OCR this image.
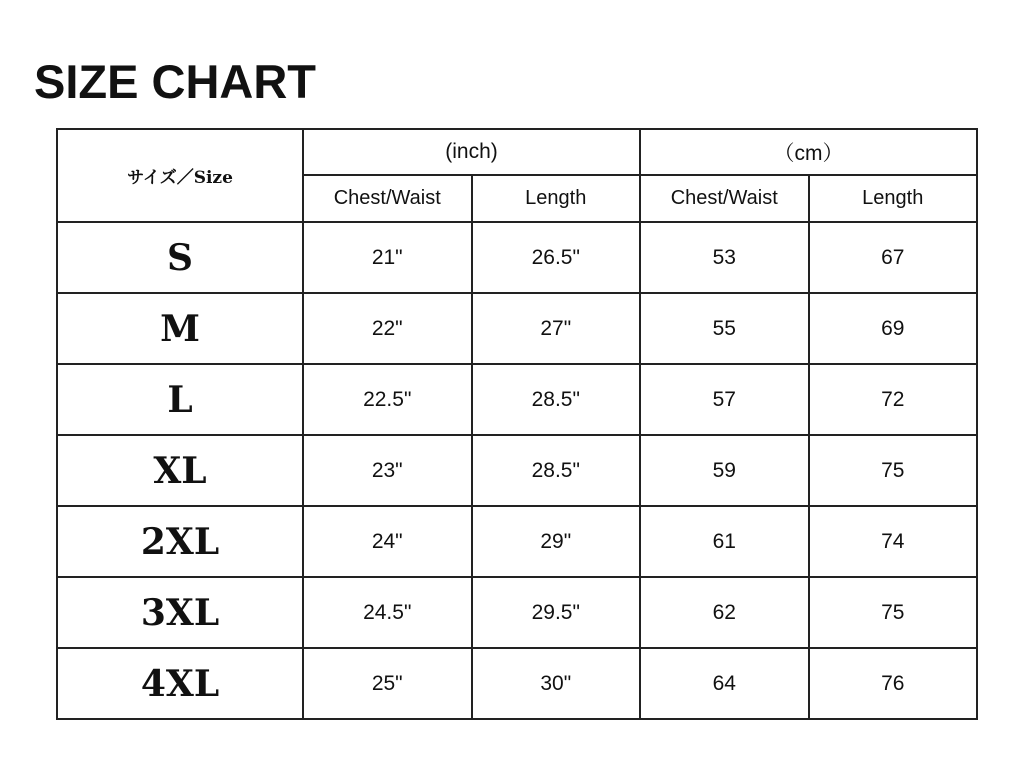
SIZE CHART
サイズ／Size	(inch)		（cm）	
	Chest/Waist	Length	Chest/Waist	Length
S	21"	26.5"	53	67
M	22"	27"	55	69
L	22.5"	28.5"	57	72
XL	23"	28.5"	59	75
2XL	24"	29"	61	74
3XL	24.5"	29.5"	62	75
4XL	25"	30"	64	76
